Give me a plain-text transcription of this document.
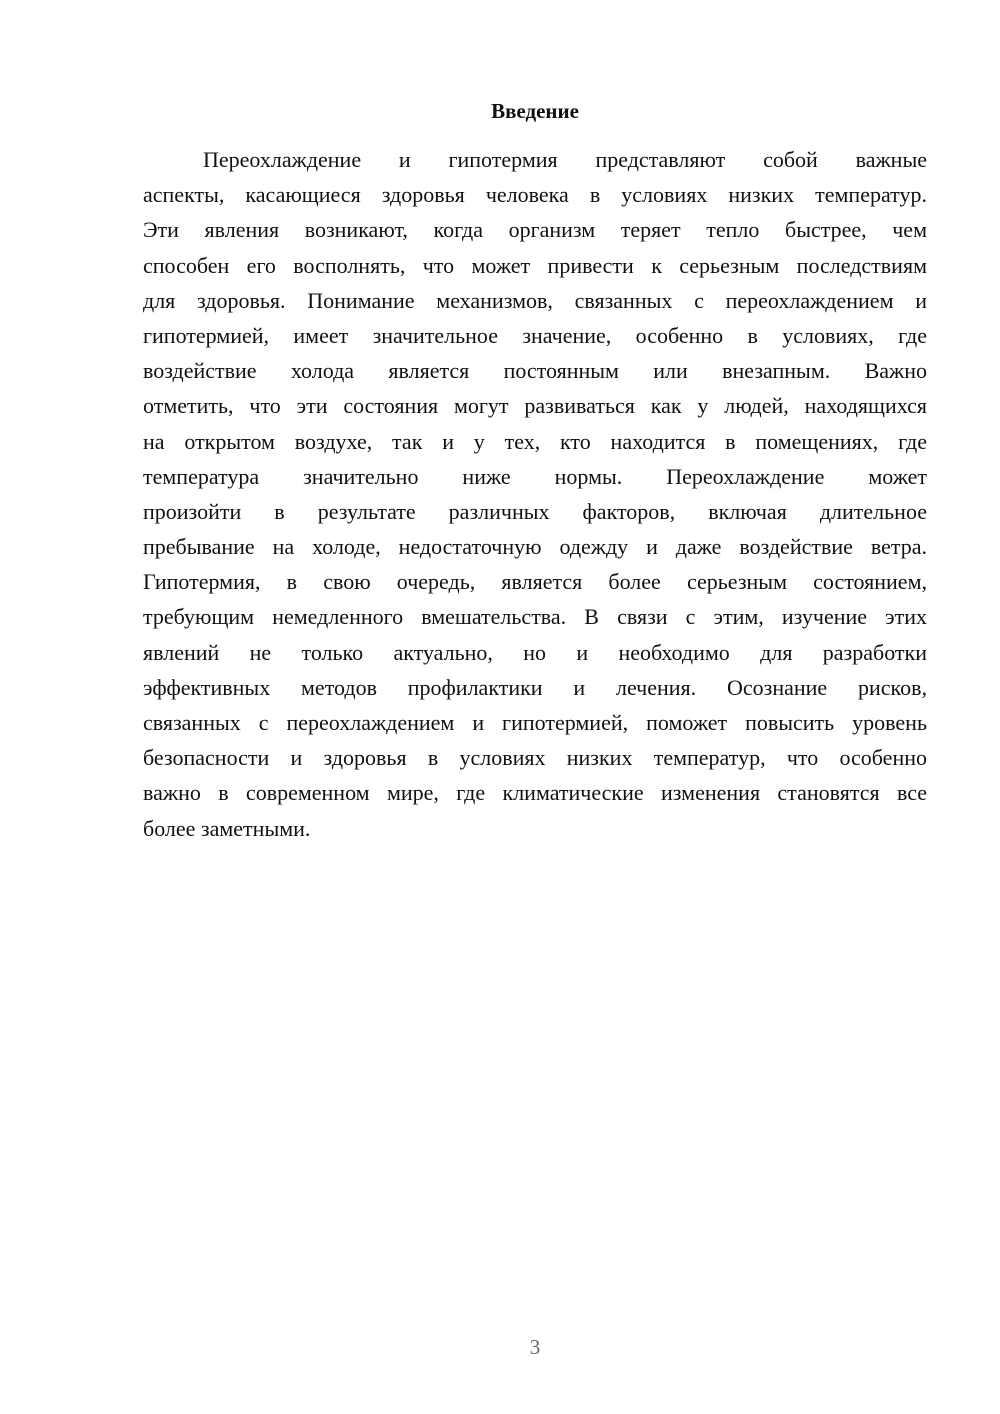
Введение
Переохлаждение и гипотермия представляют собой важные
аспекты, касающиеся здоровья человека в условиях низких температур.
Эти явления возникают, когда организм теряет тепло быстрее, чем
способен его восполнять, что может привести к серьезным последствиям
для здоровья. Понимание механизмов, связанных с переохлаждением и
гипотермией, имеет значительное значение, особенно в условиях, где
воздействие холода является постоянным или внезапным. Важно
отметить, что эти состояния могут развиваться как у людей, находящихся
на открытом воздухе, так и у тех, кто находится в помещениях, где
температура значительно ниже нормы. Переохлаждение может
произойти в результате различных факторов, включая длительное
пребывание на холоде, недостаточную одежду и даже воздействие ветра.
Гипотермия, в свою очередь, является более серьезным состоянием,
требующим немедленного вмешательства. В связи с этим, изучение этих
явлений не только актуально, но и необходимо для разработки
эффективных методов профилактики и лечения. Осознание рисков,
связанных с переохлаждением и гипотермией, поможет повысить уровень
безопасности и здоровья в условиях низких температур, что особенно
важно в современном мире, где климатические изменения становятся все
более заметными.
3
